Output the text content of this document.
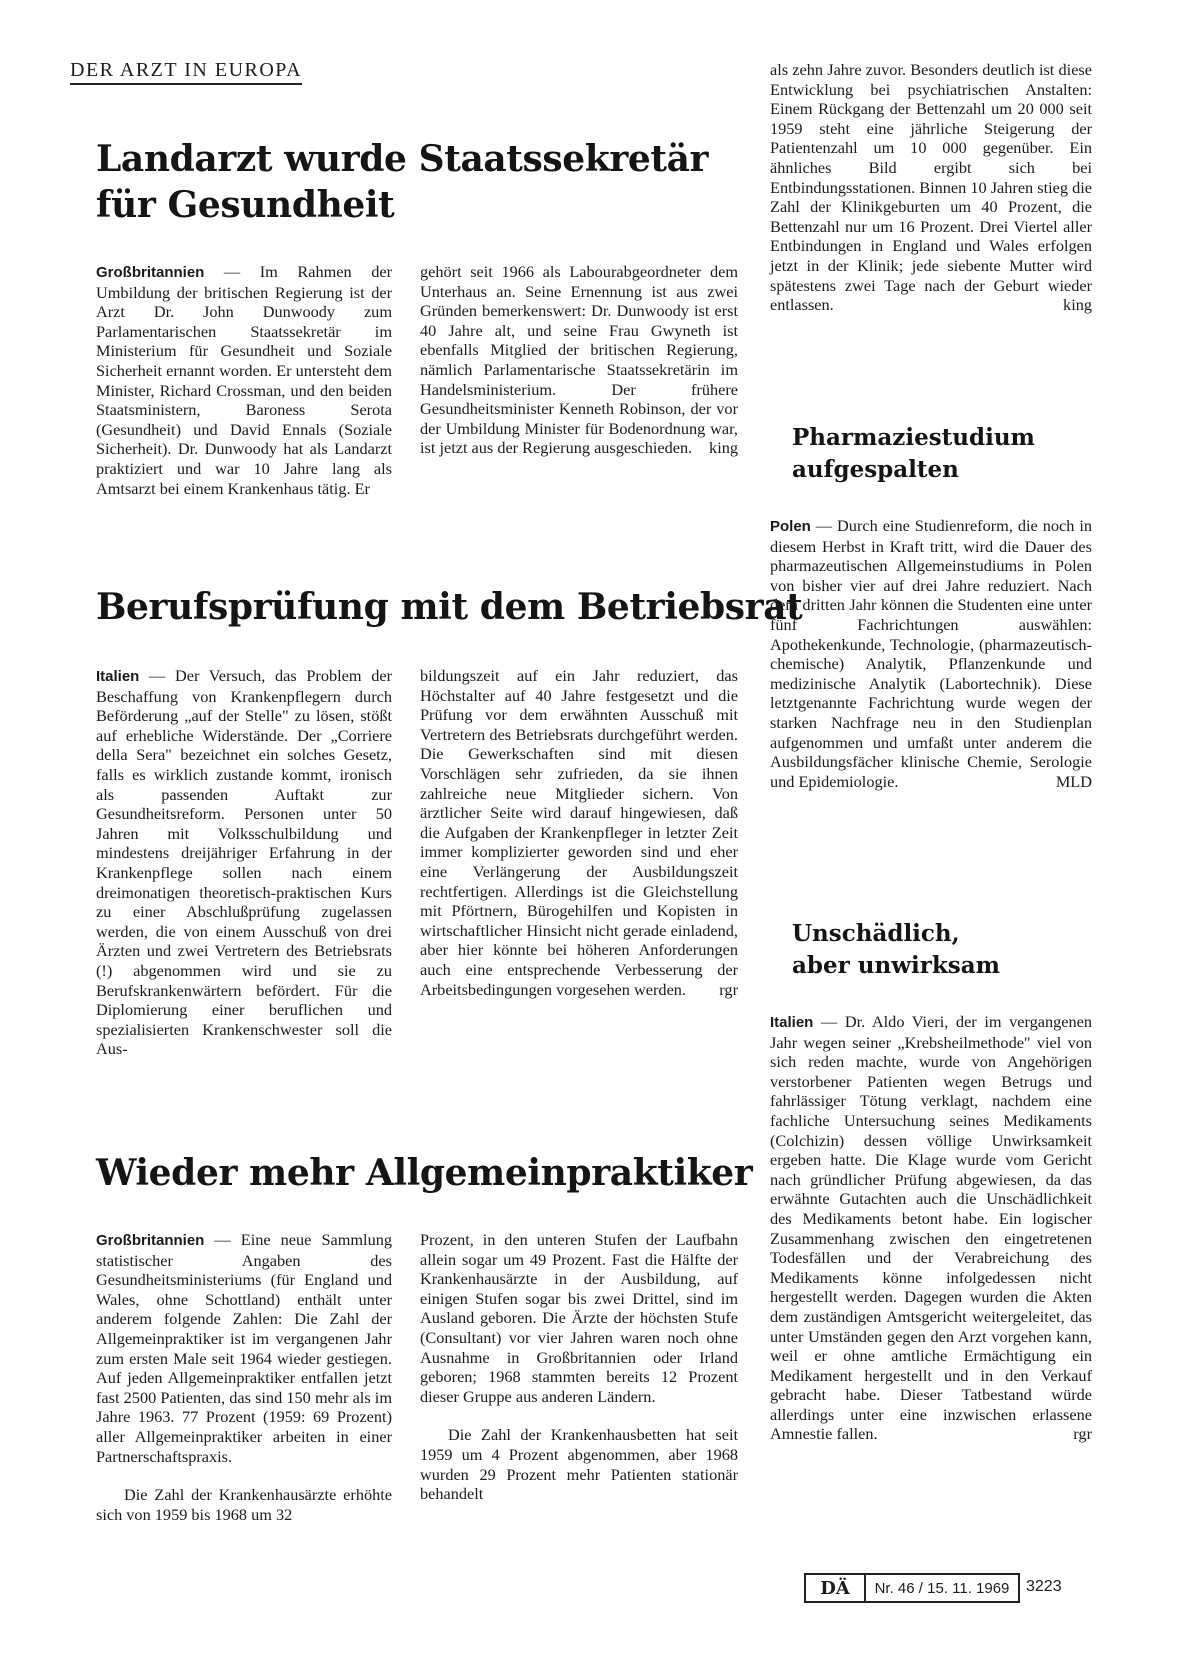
DER ARZT IN EUROPA
Landarzt wurde Staatssekretär
für Gesundheit

Großbritannien — Im Rahmen der Umbildung der britischen Regierung ist der Arzt Dr. John Dunwoody zum Parlamentarischen Staatssekretär im Ministerium für Gesundheit und Soziale Sicherheit ernannt worden. Er untersteht dem Minister, Richard Crossman, und den beiden Staatsministern, Baroness Serota (Gesundheit) und David Ennals (Soziale Sicherheit). Dr. Dunwoody hat als Landarzt praktiziert und war 10 Jahre lang als Amtsarzt bei einem Krankenhaus tätig. Er

gehört seit 1966 als Labourabgeordneter dem Unterhaus an. Seine Ernennung ist aus zwei Gründen bemerkenswert: Dr. Dunwoody ist erst 40 Jahre alt, und seine Frau Gwyneth ist ebenfalls Mitglied der britischen Regierung, nämlich Parlamentarische Staatssekretärin im Handelsministerium. Der frühere Gesundheitsminister Kenneth Robinson, der vor der Umbildung Minister für Bodenordnung war, ist jetzt aus der Regierung ausgeschieden. king

Berufsprüfung mit dem Betriebsrat

Italien — Der Versuch, das Problem der Beschaffung von Krankenpflegern durch Beförderung „auf der Stelle" zu lösen, stößt auf erhebliche Widerstände. Der „Corriere della Sera" bezeichnet ein solches Gesetz, falls es wirklich zustande kommt, ironisch als passenden Auftakt zur Gesundheitsreform. Personen unter 50 Jahren mit Volksschulbildung und mindestens dreijähriger Erfahrung in der Krankenpflege sollen nach einem dreimonatigen theoretisch-praktischen Kurs zu einer Abschlußprüfung zugelassen werden, die von einem Ausschuß von drei Ärzten und zwei Vertretern des Betriebsrats (!) abgenommen wird und sie zu Berufskrankenwärtern befördert. Für die Diplomierung einer beruflichen und spezialisierten Krankenschwester soll die Aus-

bildungszeit auf ein Jahr reduziert, das Höchstalter auf 40 Jahre festgesetzt und die Prüfung vor dem erwähnten Ausschuß mit Vertretern des Betriebsrats durchgeführt werden. Die Gewerkschaften sind mit diesen Vorschlägen sehr zufrieden, da sie ihnen zahlreiche neue Mitglieder sichern. Von ärztlicher Seite wird darauf hingewiesen, daß die Aufgaben der Krankenpfleger in letzter Zeit immer komplizierter geworden sind und eher eine Verlängerung der Ausbildungszeit rechtfertigen. Allerdings ist die Gleichstellung mit Pförtnern, Bürogehilfen und Kopisten in wirtschaftlicher Hinsicht nicht gerade einladend, aber hier könnte bei höheren Anforderungen auch eine entsprechende Verbesserung der Arbeitsbedingungen vorgesehen werden. rgr

Wieder mehr Allgemeinpraktiker

Großbritannien — Eine neue Sammlung statistischer Angaben des Gesundheitsministeriums (für England und Wales, ohne Schottland) enthält unter anderem folgende Zahlen: Die Zahl der Allgemeinpraktiker ist im vergangenen Jahr zum ersten Male seit 1964 wieder gestiegen. Auf jeden Allgemeinpraktiker entfallen jetzt fast 2500 Patienten, das sind 150 mehr als im Jahre 1963. 77 Prozent (1959: 69 Prozent) aller Allgemeinpraktiker arbeiten in einer Partnerschaftspraxis.

Die Zahl der Krankenhausärzte erhöhte sich von 1959 bis 1968 um 32

Prozent, in den unteren Stufen der Laufbahn allein sogar um 49 Prozent. Fast die Hälfte der Krankenhausärzte in der Ausbildung, auf einigen Stufen sogar bis zwei Drittel, sind im Ausland geboren. Die Ärzte der höchsten Stufe (Consultant) vor vier Jahren waren noch ohne Ausnahme in Großbritannien oder Irland geboren; 1968 stammten bereits 12 Prozent dieser Gruppe aus anderen Ländern.

Die Zahl der Krankenhausbetten hat seit 1959 um 4 Prozent abgenommen, aber 1968 wurden 29 Prozent mehr Patienten stationär behandelt

als zehn Jahre zuvor. Besonders deutlich ist diese Entwicklung bei psychiatrischen Anstalten: Einem Rückgang der Bettenzahl um 20 000 seit 1959 steht eine jährliche Steigerung der Patientenzahl um 10 000 gegenüber. Ein ähnliches Bild ergibt sich bei Entbindungsstationen. Binnen 10 Jahren stieg die Zahl der Klinikgeburten um 40 Prozent, die Bettenzahl nur um 16 Prozent. Drei Viertel aller Entbindungen in England und Wales erfolgen jetzt in der Klinik; jede siebente Mutter wird spätestens zwei Tage nach der Geburt wieder entlassen.	king

Pharmaziestudium
aufgespalten

Polen — Durch eine Studienreform, die noch in diesem Herbst in Kraft tritt, wird die Dauer des pharmazeutischen Allgemeinstudiums in Polen von bisher vier auf drei Jahre reduziert. Nach dem dritten Jahr können die Studenten eine unter fünf Fachrichtungen auswählen: Apothekenkunde, Technologie, (pharmazeutisch-chemische) Analytik, Pflanzenkunde und medizinische Analytik (Labortechnik). Diese letztgenannte Fachrichtung wurde wegen der starken Nachfrage neu in den Studienplan aufgenommen und umfaßt unter anderem die Ausbildungsfächer klinische Chemie, Serologie und Epidemiologie.	MLD

Unschädlich,
aber unwirksam

Italien — Dr. Aldo Vieri, der im vergangenen Jahr wegen seiner „Krebsheilmethode" viel von sich reden machte, wurde von Angehörigen verstorbener Patienten wegen Betrugs und fahrlässiger Tötung verklagt, nachdem eine fachliche Untersuchung seines Medikaments (Colchizin) dessen völlige Unwirksamkeit ergeben hatte. Die Klage wurde vom Gericht nach gründlicher Prüfung abgewiesen, da das erwähnte Gutachten auch die Unschädlichkeit des Medikaments betont habe. Ein logischer Zusammenhang zwischen den eingetretenen Todesfällen und der Verabreichung des Medikaments könne infolgedessen nicht hergestellt werden. Dagegen wurden die Akten dem zuständigen Amtsgericht weitergeleitet, das unter Umständen gegen den Arzt vorgehen kann, weil er ohne amtliche Ermächtigung ein Medikament hergestellt und in den Verkauf gebracht habe. Dieser Tatbestand würde allerdings unter eine inzwischen erlassene Amnestie fallen.	rgr

DÄ	Nr. 46 / 15. 11. 1969	3223
